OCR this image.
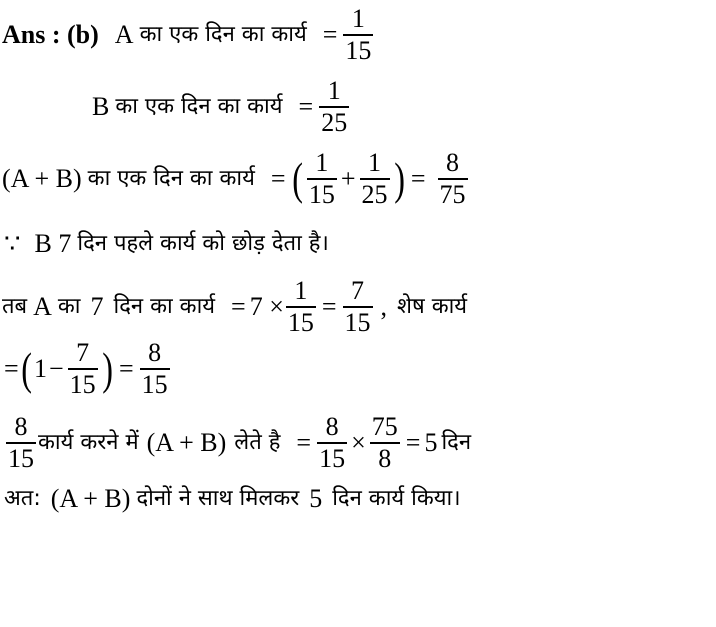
Ans : (b) A का एक दिन का कार्य = $\frac{1}{15}$
B का एक दिन का कार्य = $\frac{1}{25}$
(A + B) का एक दिन का कार्य = ( $\frac{1}{15} + \frac{1}{25}$ ) = $\frac{8}{75}$
∵ B 7 दिन पहले कार्य को छोड़ देता है।
तब A का 7 दिन का कार्य = $7 \times \frac{1}{15} = \frac{7}{15}$ , शेष कार्य
= ( $1 - \frac{7}{15}$ ) = $\frac{8}{15}$
$\frac{8}{15}$ कार्य करने में (A + B) लेते है = $\frac{8}{15} \times \frac{75}{8} = 5$ दिन
अत: (A + B) दोनों ने साथ मिलकर 5 दिन कार्य किया।
